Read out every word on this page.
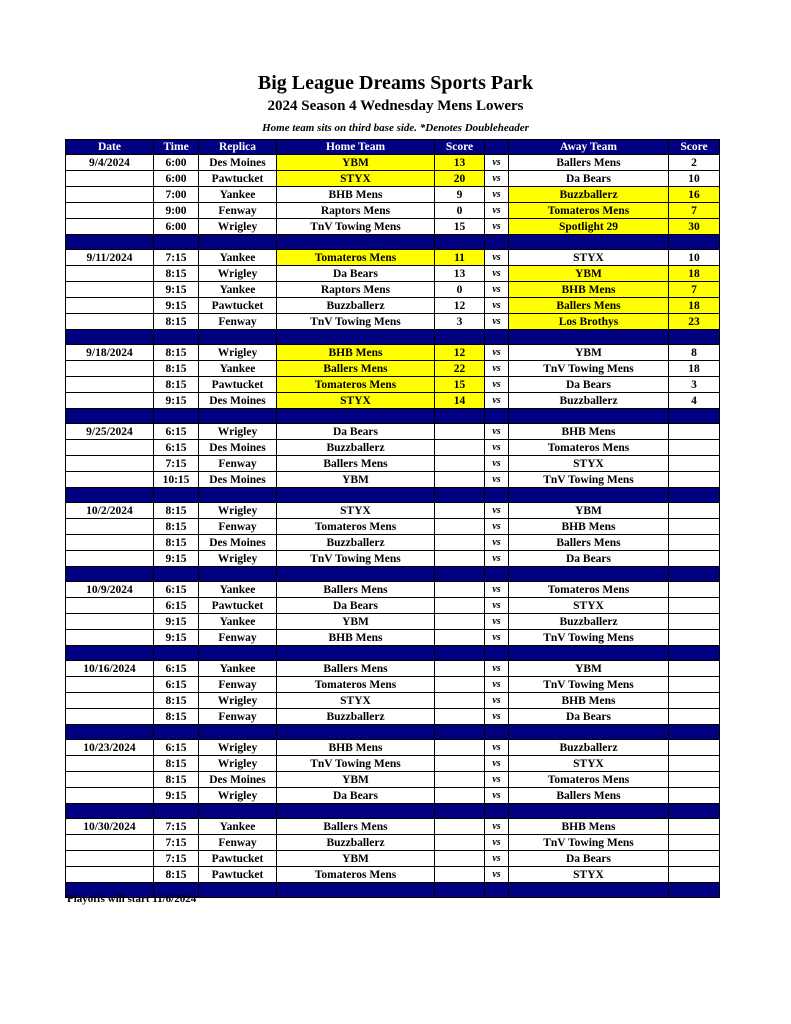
Big League Dreams Sports Park
2024 Season 4 Wednesday Mens Lowers
Home team sits on third base side. *Denotes Doubleheader
Date	Time	Replica	Home Team	Score		Away Team	Score
9/4/2024	6:00	Des Moines	YBM	13	vs	Ballers Mens	2
	6:00	Pawtucket	STYX	20	vs	Da Bears	10
	7:00	Yankee	BHB Mens	9	vs	Buzzballerz	16
	9:00	Fenway	Raptors Mens	0	vs	Tomateros Mens	7
	6:00	Wrigley	TnV Towing Mens	15	vs	Spotlight 29	30

9/11/2024	7:15	Yankee	Tomateros Mens	11	vs	STYX	10
	8:15	Wrigley	Da Bears	13	vs	YBM	18
	9:15	Yankee	Raptors Mens	0	vs	BHB Mens	7
	9:15	Pawtucket	Buzzballerz	12	vs	Ballers Mens	18
	8:15	Fenway	TnV Towing Mens	3	vs	Los Brothys	23

9/18/2024	8:15	Wrigley	BHB Mens	12	vs	YBM	8
	8:15	Yankee	Ballers Mens	22	vs	TnV Towing Mens	18
	8:15	Pawtucket	Tomateros Mens	15	vs	Da Bears	3
	9:15	Des Moines	STYX	14	vs	Buzzballerz	4

9/25/2024	6:15	Wrigley	Da Bears		vs	BHB Mens	
	6:15	Des Moines	Buzzballerz		vs	Tomateros Mens	
	7:15	Fenway	Ballers Mens		vs	STYX	
	10:15	Des Moines	YBM		vs	TnV Towing Mens	

10/2/2024	8:15	Wrigley	STYX		vs	YBM	
	8:15	Fenway	Tomateros Mens		vs	BHB Mens	
	8:15	Des Moines	Buzzballerz		vs	Ballers Mens	
	9:15	Wrigley	TnV Towing Mens		vs	Da Bears	

10/9/2024	6:15	Yankee	Ballers Mens		vs	Tomateros Mens	
	6:15	Pawtucket	Da Bears		vs	STYX	
	9:15	Yankee	YBM		vs	Buzzballerz	
	9:15	Fenway	BHB Mens		vs	TnV Towing Mens	

10/16/2024	6:15	Yankee	Ballers Mens		vs	YBM	
	6:15	Fenway	Tomateros Mens		vs	TnV Towing Mens	
	8:15	Wrigley	STYX		vs	BHB Mens	
	8:15	Fenway	Buzzballerz		vs	Da Bears	

10/23/2024	6:15	Wrigley	BHB Mens		vs	Buzzballerz	
	8:15	Wrigley	TnV Towing Mens		vs	STYX	
	8:15	Des Moines	YBM		vs	Tomateros Mens	
	9:15	Wrigley	Da Bears		vs	Ballers Mens	

10/30/2024	7:15	Yankee	Ballers Mens		vs	BHB Mens	
	7:15	Fenway	Buzzballerz		vs	TnV Towing Mens	
	7:15	Pawtucket	YBM		vs	Da Bears	
	8:15	Pawtucket	Tomateros Mens		vs	STYX	

Playoffs will start 11/6/2024
